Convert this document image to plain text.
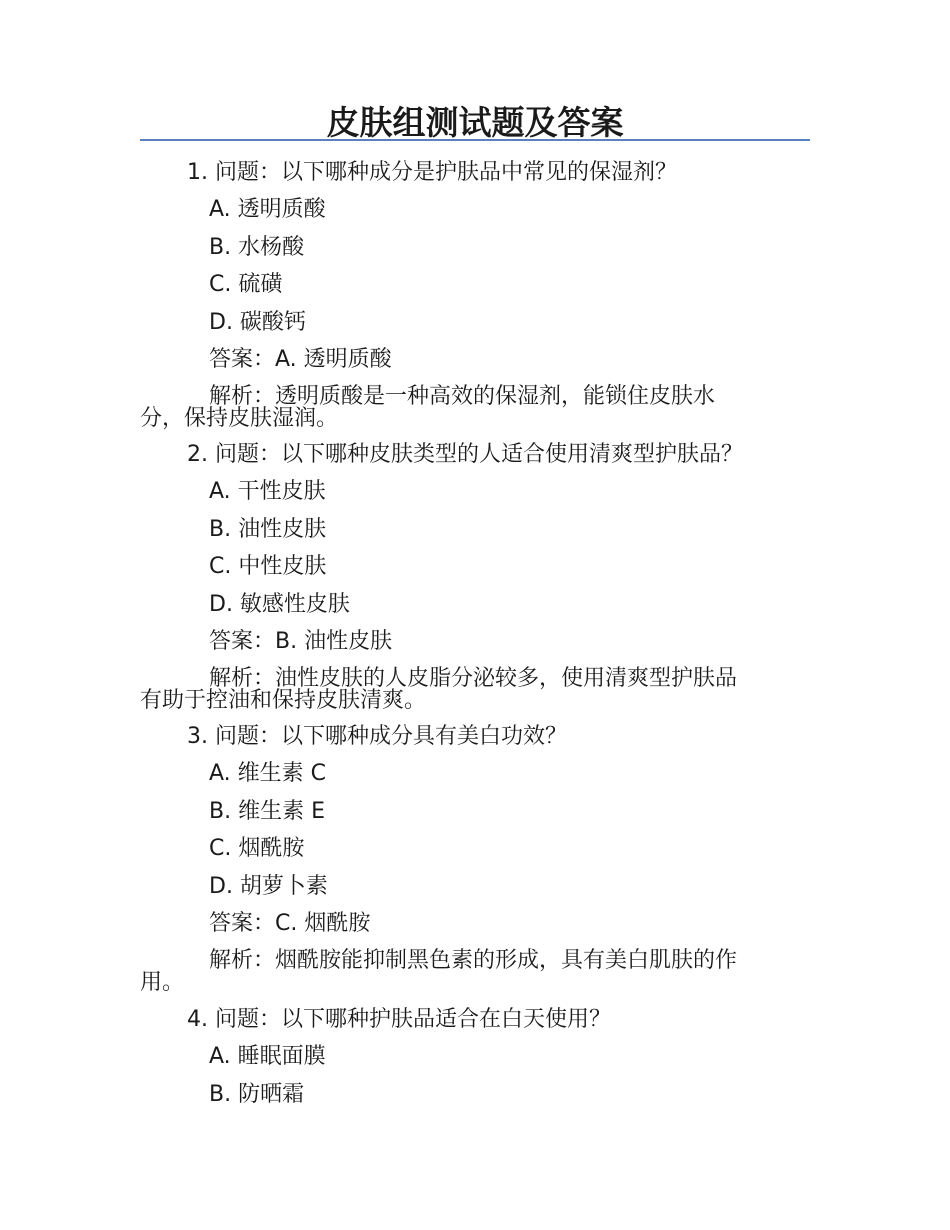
皮肤组测试题及答案
1. 问题：以下哪种成分是护肤品中常见的保湿剂？
A. 透明质酸
B. 水杨酸
C. 硫磺
D. 碳酸钙
答案：A. 透明质酸
解析：透明质酸是一种高效的保湿剂，能锁住皮肤水
分，保持皮肤湿润。
2. 问题：以下哪种皮肤类型的人适合使用清爽型护肤品？
A. 干性皮肤
B. 油性皮肤
C. 中性皮肤
D. 敏感性皮肤
答案：B. 油性皮肤
解析：油性皮肤的人皮脂分泌较多，使用清爽型护肤品
有助于控油和保持皮肤清爽。
3. 问题：以下哪种成分具有美白功效？
A. 维生素 C
B. 维生素 E
C. 烟酰胺
D. 胡萝卜素
答案：C. 烟酰胺
解析：烟酰胺能抑制黑色素的形成，具有美白肌肤的作
用。
4. 问题：以下哪种护肤品适合在白天使用？
A. 睡眠面膜
B. 防晒霜
